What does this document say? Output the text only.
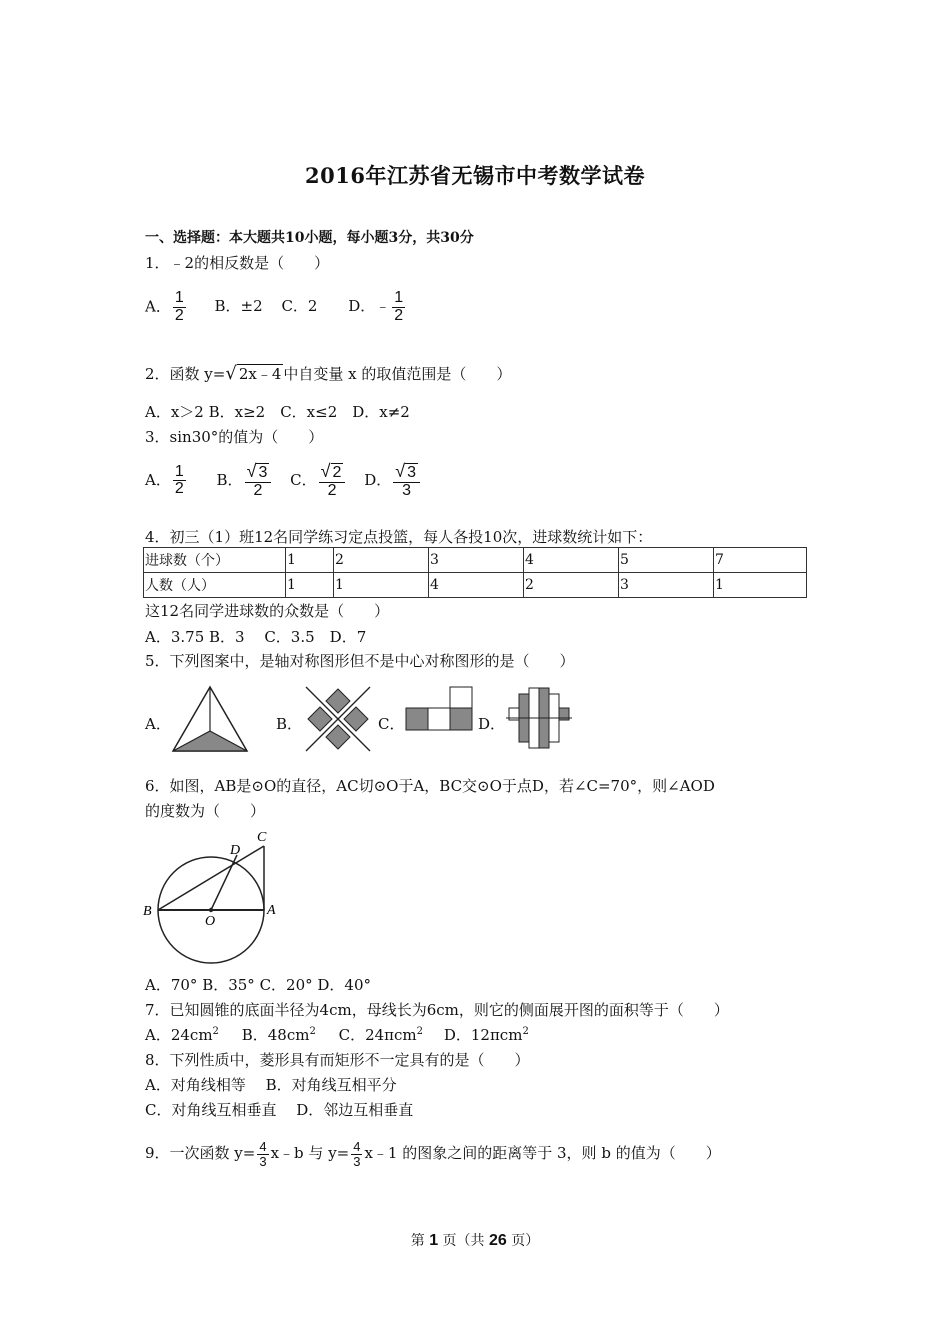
2016年江苏省无锡市中考数学试卷
一、选择题：本大题共10小题，每小题3分，共30分
1．﹣2的相反数是（　　）
A． $\frac{1}{2}$ B．±2 C．2 D．﹣ $\frac{1}{2}$
2．函数 y=√ 2x﹣4 中自变量 x 的取值范围是（　　）
A．x＞2 B．x≥2　C．x≤2　D．x≠2
3．sin30°的值为（　　）
A． $\frac{1}{2}$ B． $\frac{√ 3}{2}$ C． $\frac{√ 2}{2}$ D． $\frac{√ 3}{3}$
4．初三（1）班12名同学练习定点投篮，每人各投10次，进球数统计如下：
进球数（个）	1	2	3	4	5	7
人数（人）	1	1	4	2	3	1
这12名同学进球数的众数是（　　）
A．3.75 B．3　 C．3.5　D．7
5．下列图案中，是轴对称图形但不是中心对称图形的是（　　）
A．	B．	C．	D．
6．如图，AB是⊙O的直径，AC切⊙O于A，BC交⊙O于点D，若∠C=70°，则∠AOD
的度数为（　　）
C
D
B
O
A
A．70° B．35° C．20° D．40°
7．已知圆锥的底面半径为4cm，母线长为6cm，则它的侧面展开图的面积等于（　　）
A．$24cm^2$ B．$48cm^2$ C．24πcm$^2$ D．12πcm$^2$
8．下列性质中，菱形具有而矩形不一定具有的是（　　）
A．对角线相等　 B．对角线互相平分
C．对角线互相垂直　 D．邻边互相垂直
9．一次函数 $y= \frac{4}{3}$ x﹣b 与 $y= \frac{4}{3}$ x﹣1 的图象之间的距离等于 3，则 b 的值为（　　）
第 1 页（共 26 页）
